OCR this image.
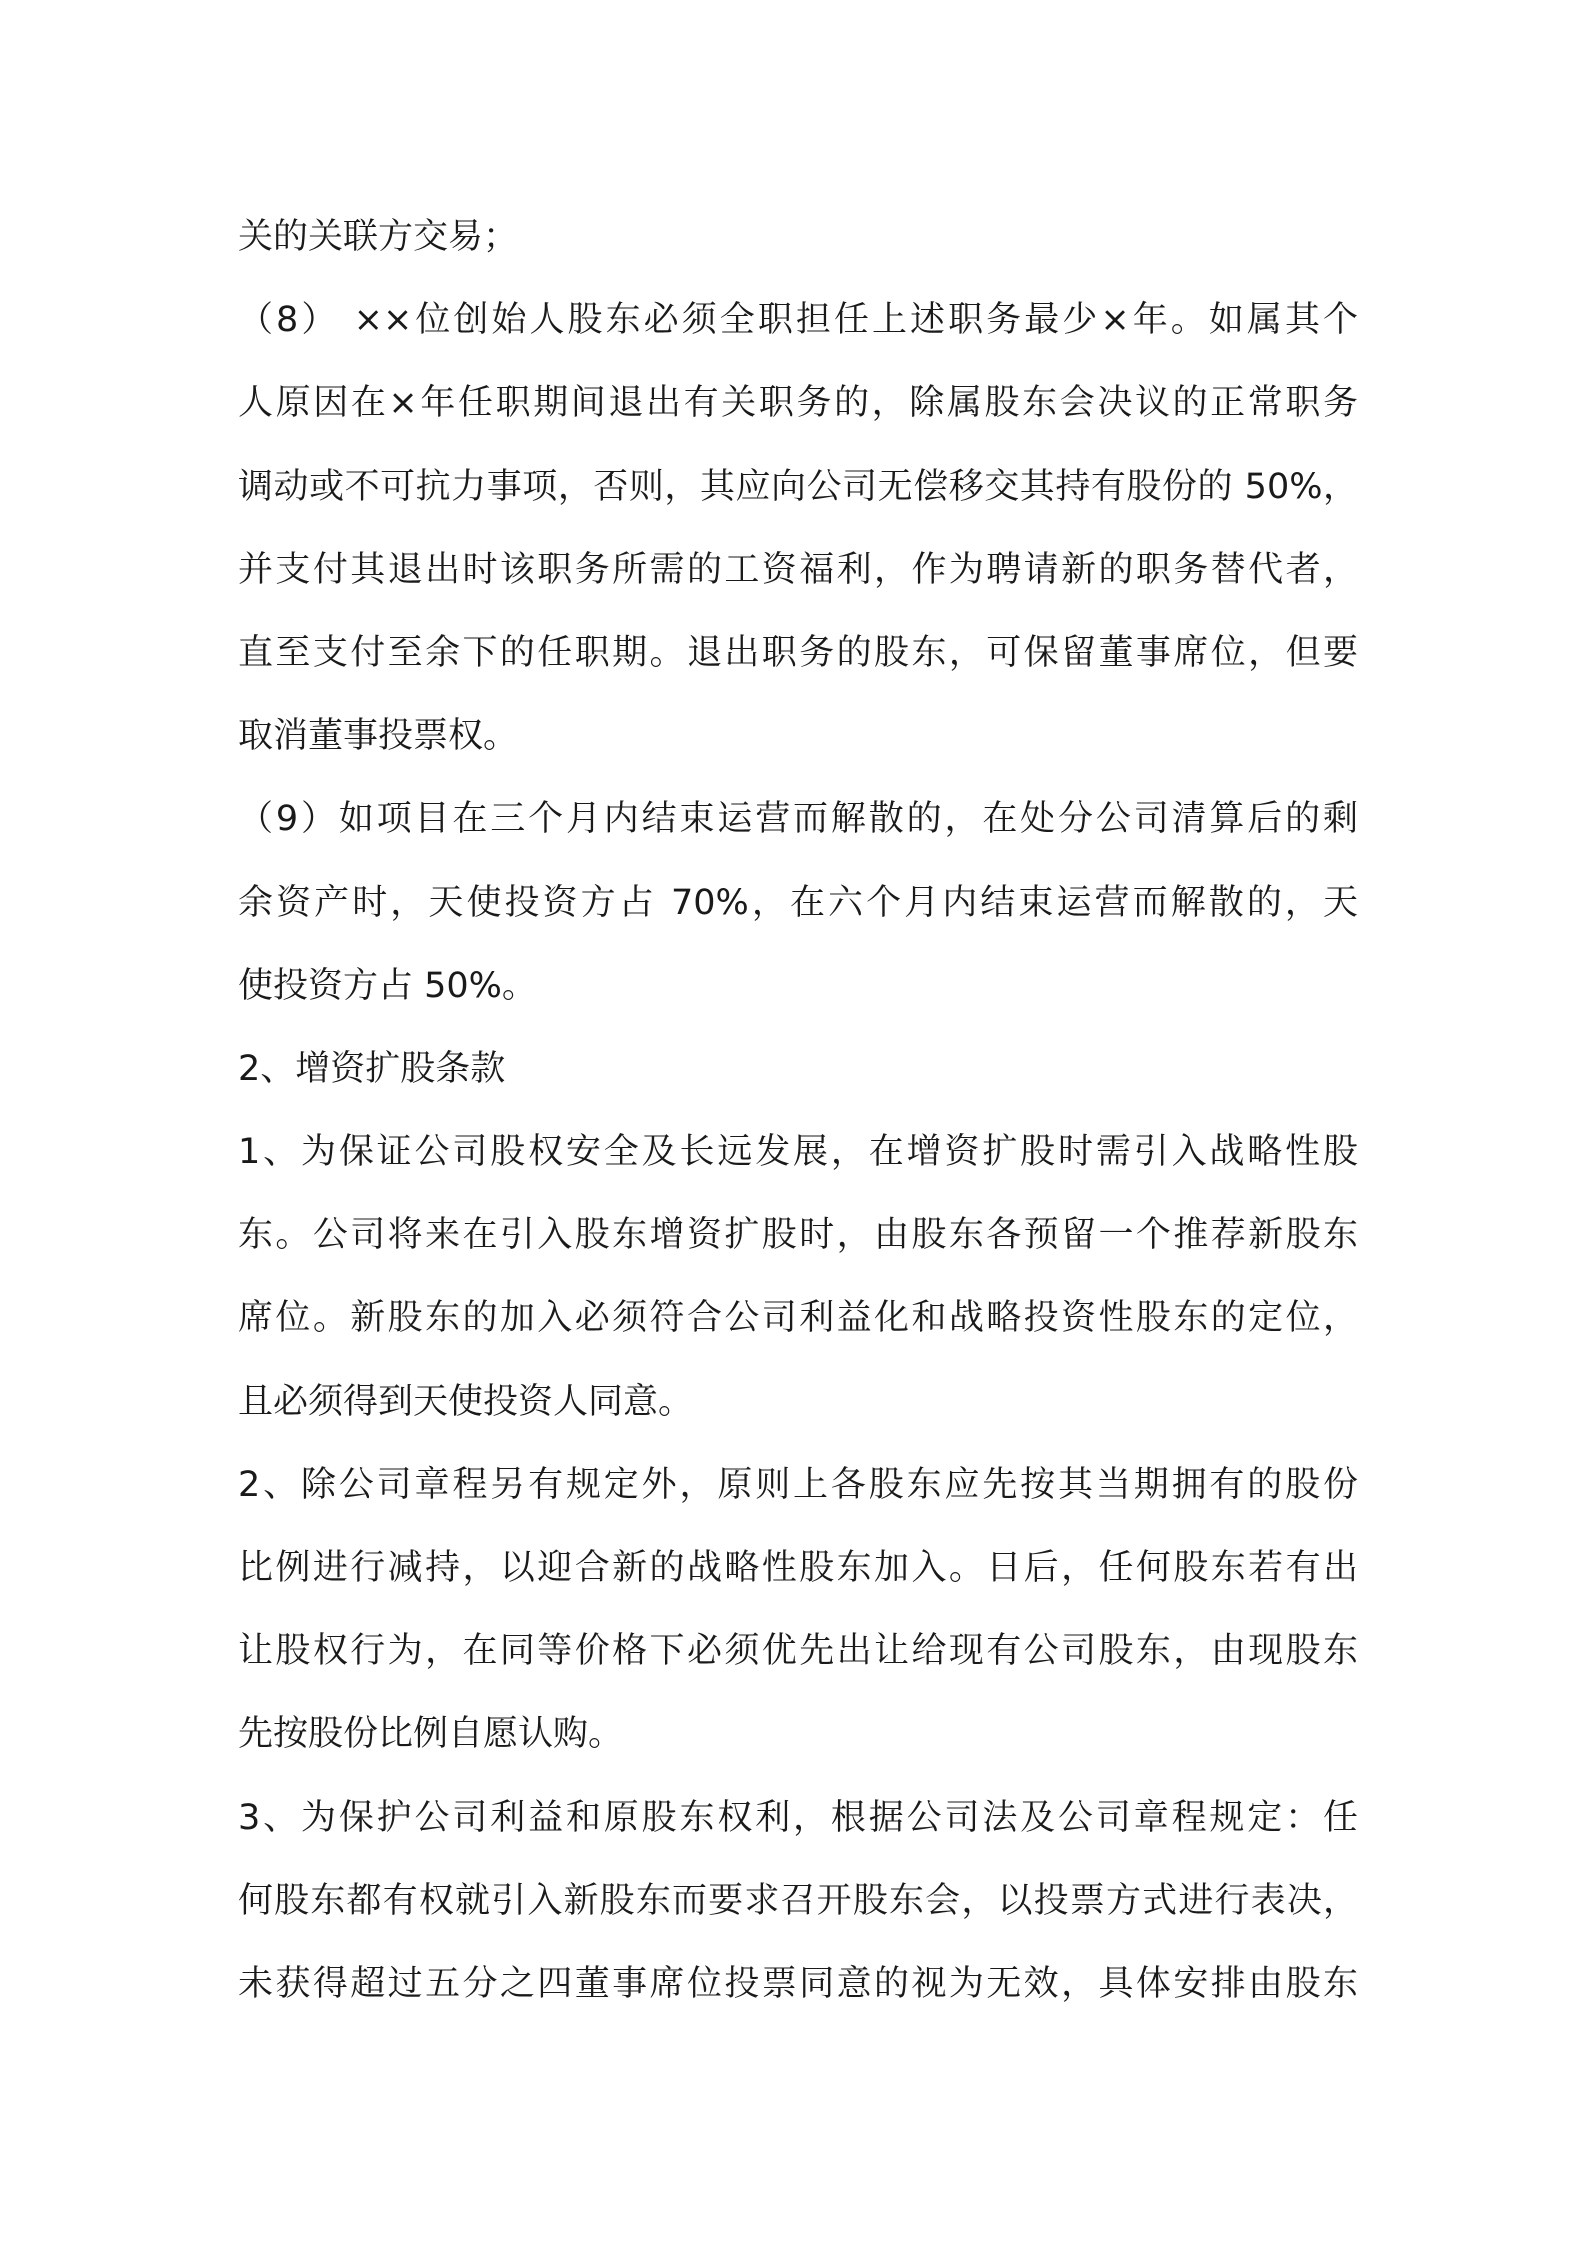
关的关联方交易；
（8） ××位创始人股东必须全职担任上述职务最少×年。如属其个
人原因在×年任职期间退出有关职务的，除属股东会决议的正常职务
调动或不可抗力事项，否则，其应向公司无偿移交其持有股份的 50%，
并支付其退出时该职务所需的工资福利，作为聘请新的职务替代者，
直至支付至余下的任职期。退出职务的股东，可保留董事席位，但要
取消董事投票权。
（9）如项目在三个月内结束运营而解散的，在处分公司清算后的剩
余资产时，天使投资方占 70%，在六个月内结束运营而解散的，天
使投资方占 50%。
2、增资扩股条款
1、为保证公司股权安全及长远发展，在增资扩股时需引入战略性股
东。公司将来在引入股东增资扩股时，由股东各预留一个推荐新股东
席位。新股东的加入必须符合公司利益化和战略投资性股东的定位，
且必须得到天使投资人同意。
2、除公司章程另有规定外，原则上各股东应先按其当期拥有的股份
比例进行减持，以迎合新的战略性股东加入。日后，任何股东若有出
让股权行为，在同等价格下必须优先出让给现有公司股东，由现股东
先按股份比例自愿认购。
3、为保护公司利益和原股东权利，根据公司法及公司章程规定：任
何股东都有权就引入新股东而要求召开股东会，以投票方式进行表决，
未获得超过五分之四董事席位投票同意的视为无效，具体安排由股东
